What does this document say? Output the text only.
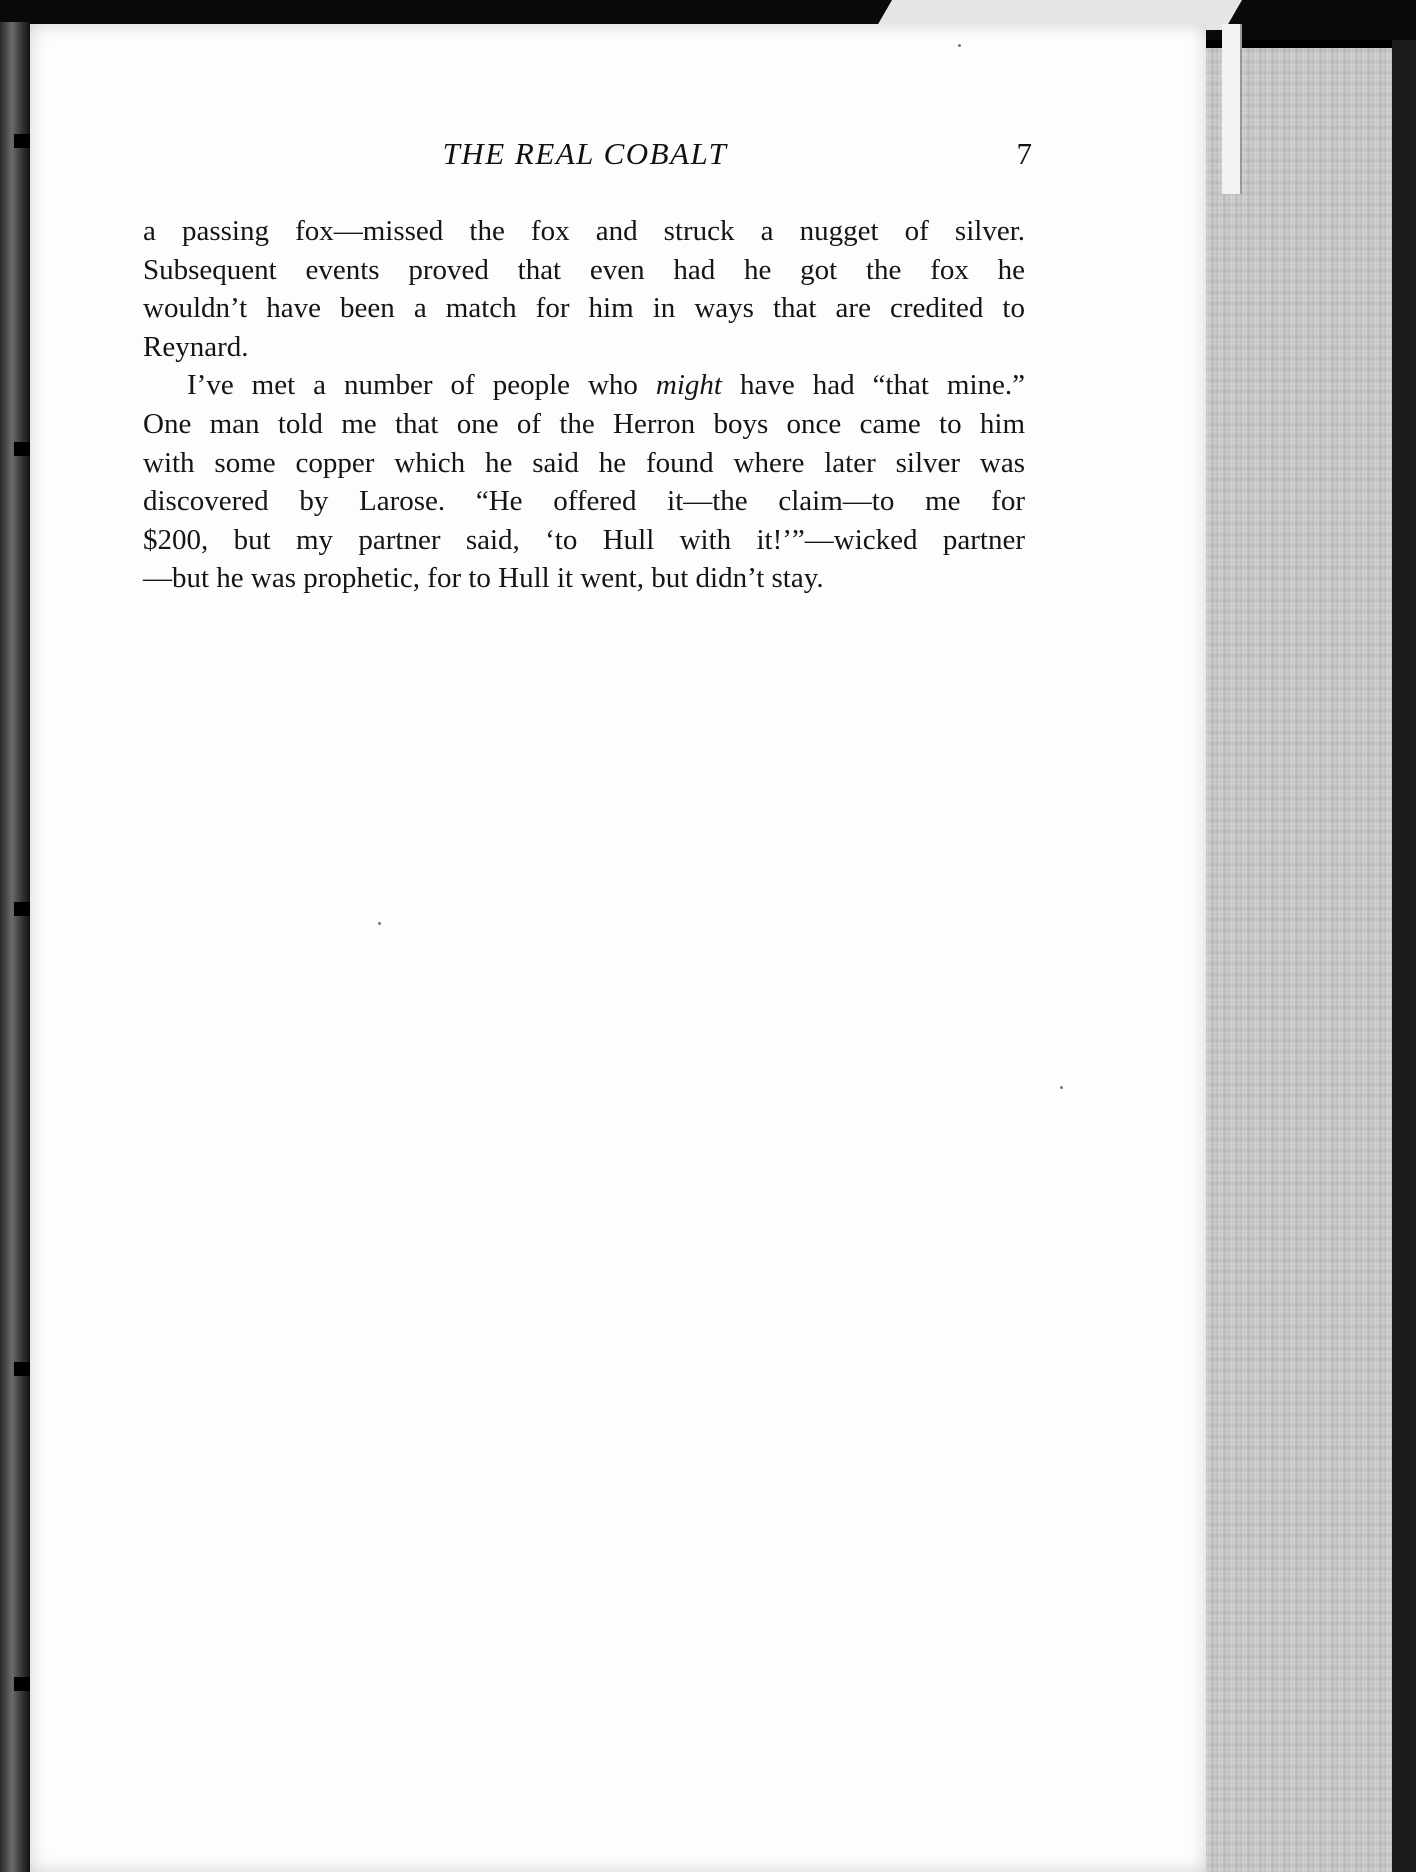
THE REAL COBALT	7
a passing fox—missed the fox and struck a nugget of silver.
Subsequent events proved that even had he got the fox he
wouldn’t have been a match for him in ways that are credited to
Reynard.
I’ve met a number of people who might have had “that mine.”
One man told me that one of the Herron boys once came to him
with some copper which he said he found where later silver was
discovered by Larose. “He offered it—the claim—to me for
$200, but my partner said, ‘to Hull with it!’”—wicked partner
—but he was prophetic, for to Hull it went, but didn’t stay.
